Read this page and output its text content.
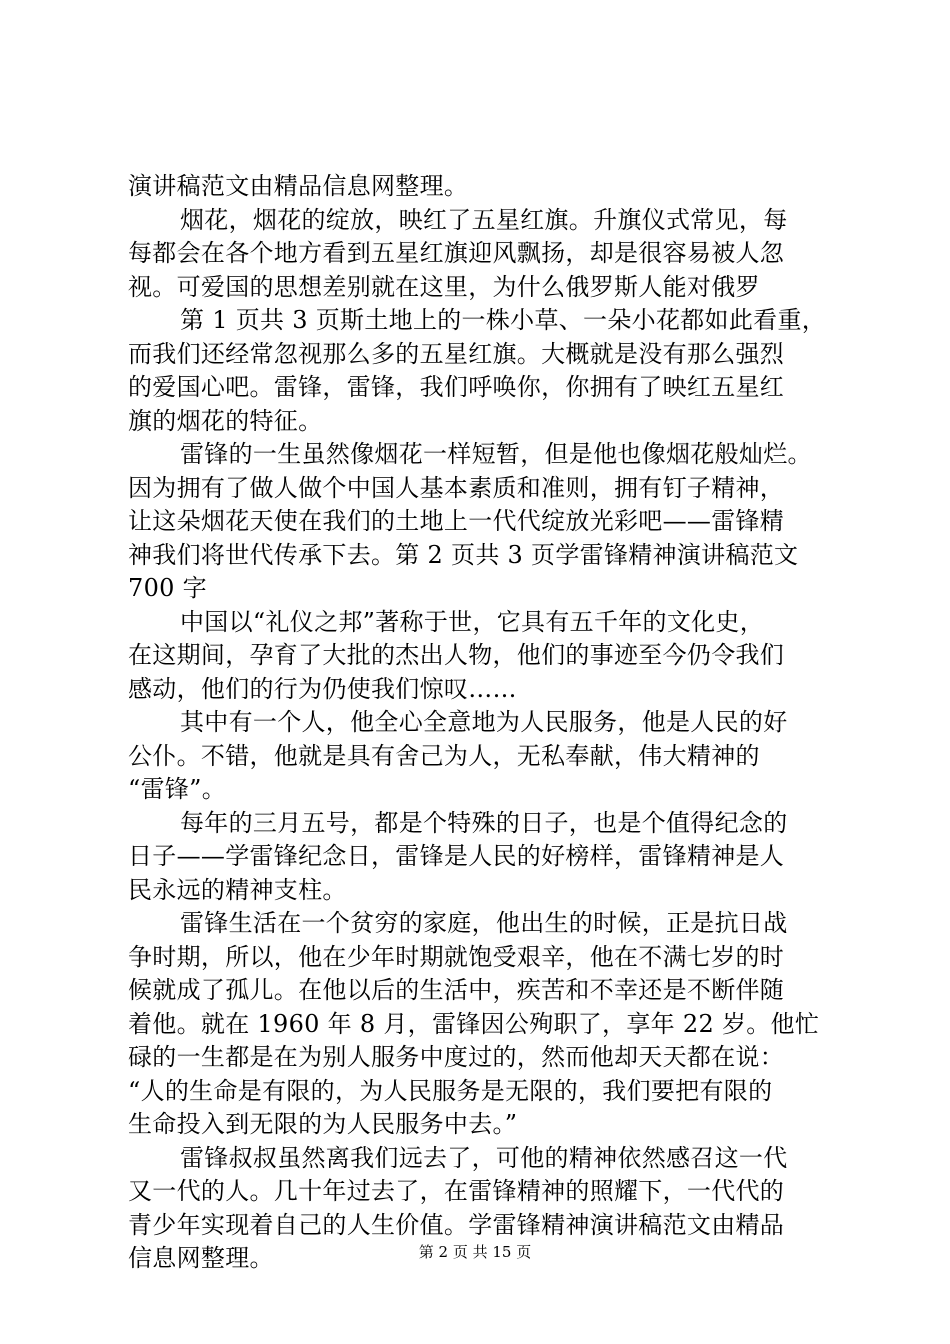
演讲稿范文由精品信息网整理。
烟花，烟花的绽放，映红了五星红旗。升旗仪式常见，每
每都会在各个地方看到五星红旗迎风飘扬，却是很容易被人忽
视。可爱国的思想差别就在这里，为什么俄罗斯人能对俄罗
第 1 页共 3 页斯土地上的一株小草、一朵小花都如此看重，
而我们还经常忽视那么多的五星红旗。大概就是没有那么强烈
的爱国心吧。雷锋，雷锋，我们呼唤你，你拥有了映红五星红
旗的烟花的特征。
雷锋的一生虽然像烟花一样短暂，但是他也像烟花般灿烂。
因为拥有了做人做个中国人基本素质和准则，拥有钉子精神，
让这朵烟花天使在我们的土地上一代代绽放光彩吧——雷锋精
神我们将世代传承下去。第 2 页共 3 页学雷锋精神演讲稿范文
700 字
中国以“礼仪之邦”著称于世，它具有五千年的文化史，
在这期间，孕育了大批的杰出人物，他们的事迹至今仍令我们
感动，他们的行为仍使我们惊叹……
其中有一个人，他全心全意地为人民服务，他是人民的好
公仆。不错，他就是具有舍己为人，无私奉献，伟大精神的
“雷锋”。
每年的三月五号，都是个特殊的日子，也是个值得纪念的
日子——学雷锋纪念日，雷锋是人民的好榜样，雷锋精神是人
民永远的精神支柱。
雷锋生活在一个贫穷的家庭，他出生的时候，正是抗日战
争时期，所以，他在少年时期就饱受艰辛，他在不满七岁的时
候就成了孤儿。在他以后的生活中，疾苦和不幸还是不断伴随
着他。就在 1960 年 8 月，雷锋因公殉职了，享年 22 岁。他忙
碌的一生都是在为别人服务中度过的，然而他却天天都在说：
“人的生命是有限的，为人民服务是无限的，我们要把有限的
生命投入到无限的为人民服务中去。”
雷锋叔叔虽然离我们远去了，可他的精神依然感召这一代
又一代的人。几十年过去了，在雷锋精神的照耀下，一代代的
青少年实现着自己的人生价值。学雷锋精神演讲稿范文由精品
信息网整理。	第 2 页 共 15 页
